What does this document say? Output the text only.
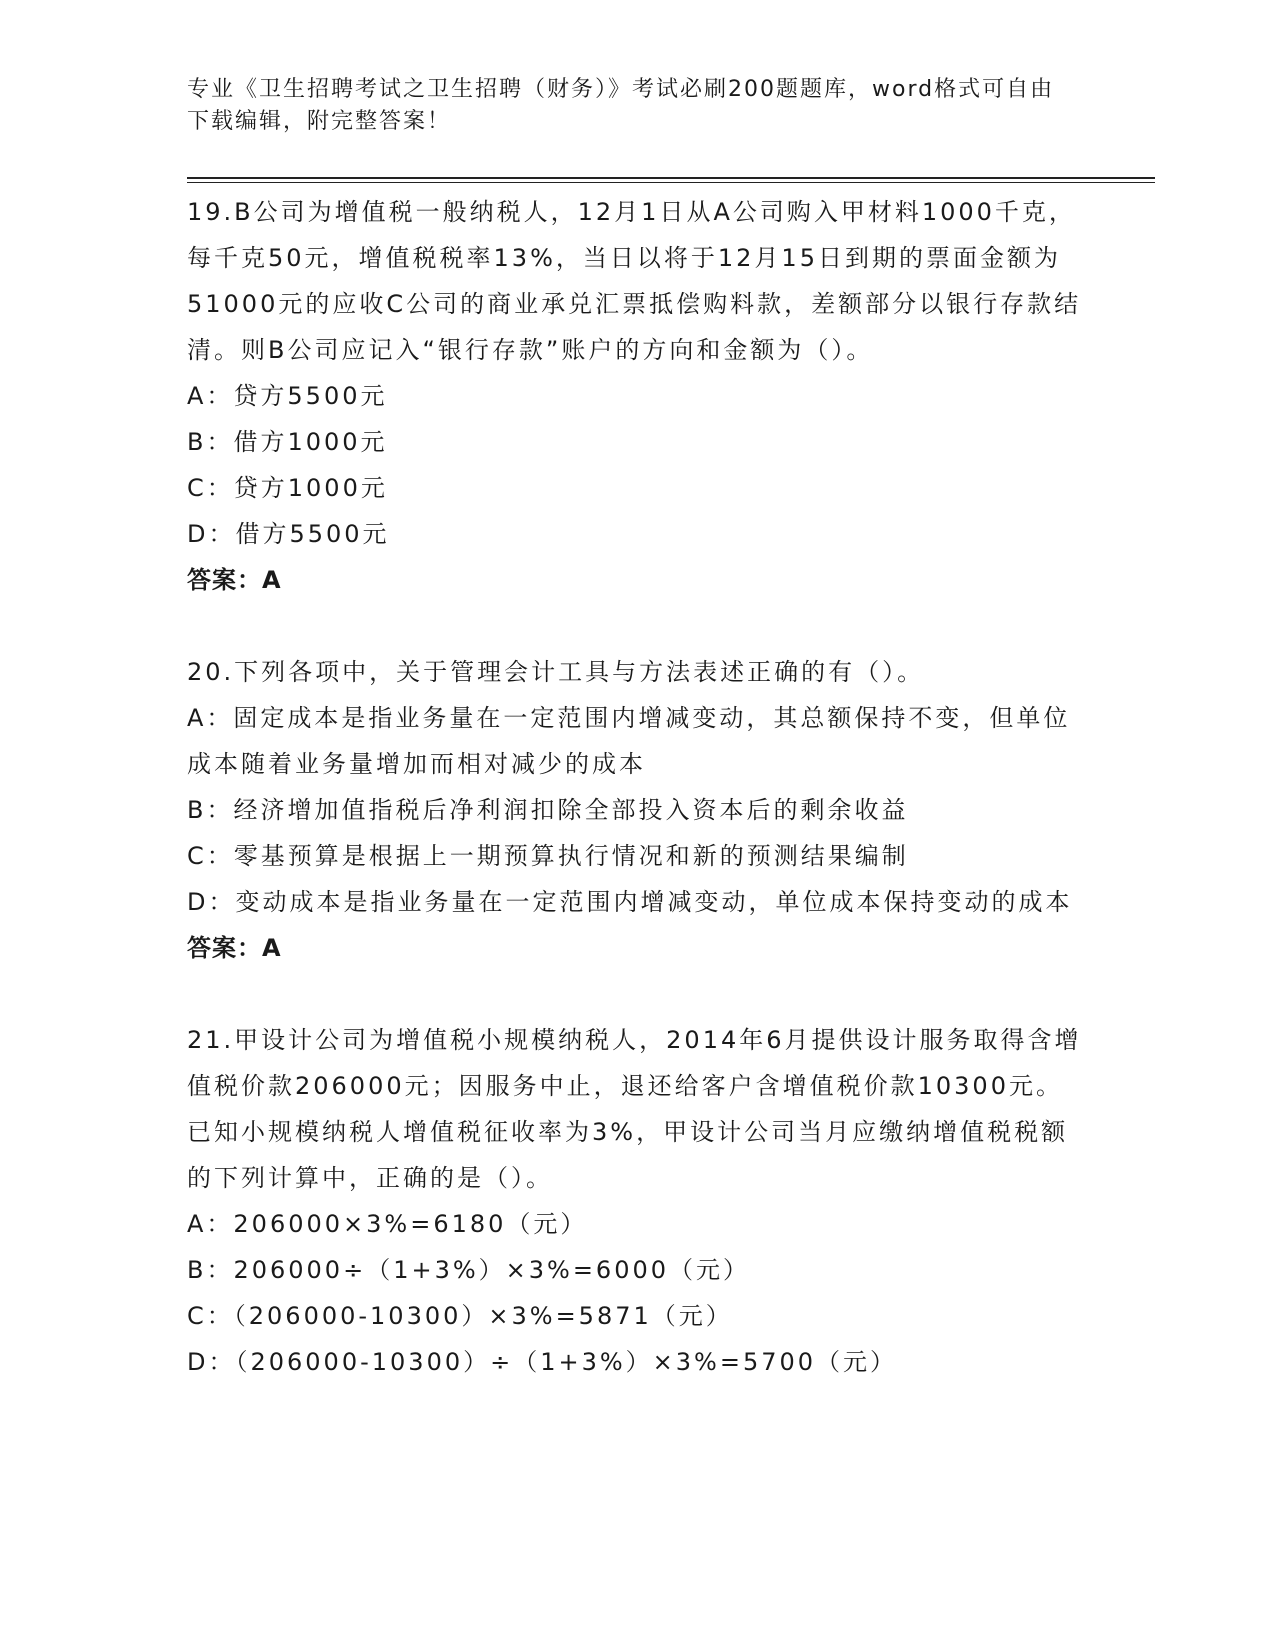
专业《卫生招聘考试之卫生招聘（财务）》考试必刷200题题库，word格式可自由下载编辑，附完整答案！

19.B公司为增值税一般纳税人，12月1日从A公司购入甲材料1000千克，每千克50元，增值税税率13%，当日以将于12月15日到期的票面金额为51000元的应收C公司的商业承兑汇票抵偿购料款，差额部分以银行存款结清。则B公司应记入“银行存款”账户的方向和金额为（）。

A：贷方5500元

B：借方1000元

C：贷方1000元

D：借方5500元

答案：A

20.下列各项中，关于管理会计工具与方法表述正确的有（）。

A：固定成本是指业务量在一定范围内增减变动，其总额保持不变，但单位成本随着业务量增加而相对减少的成本

B：经济增加值指税后净利润扣除全部投入资本后的剩余收益

C：零基预算是根据上一期预算执行情况和新的预测结果编制

D：变动成本是指业务量在一定范围内增减变动，单位成本保持变动的成本

答案：A

21.甲设计公司为增值税小规模纳税人，2014年6月提供设计服务取得含增值税价款206000元；因服务中止，退还给客户含增值税价款10300元。已知小规模纳税人增值税征收率为3%，甲设计公司当月应缴纳增值税税额的下列计算中，正确的是（）。

A：206000×3%=6180（元）

B：206000÷（1+3%）×3%=6000（元）

C：（206000-10300）×3%=5871（元）

D：（206000-10300）÷（1+3%）×3%=5700（元）
